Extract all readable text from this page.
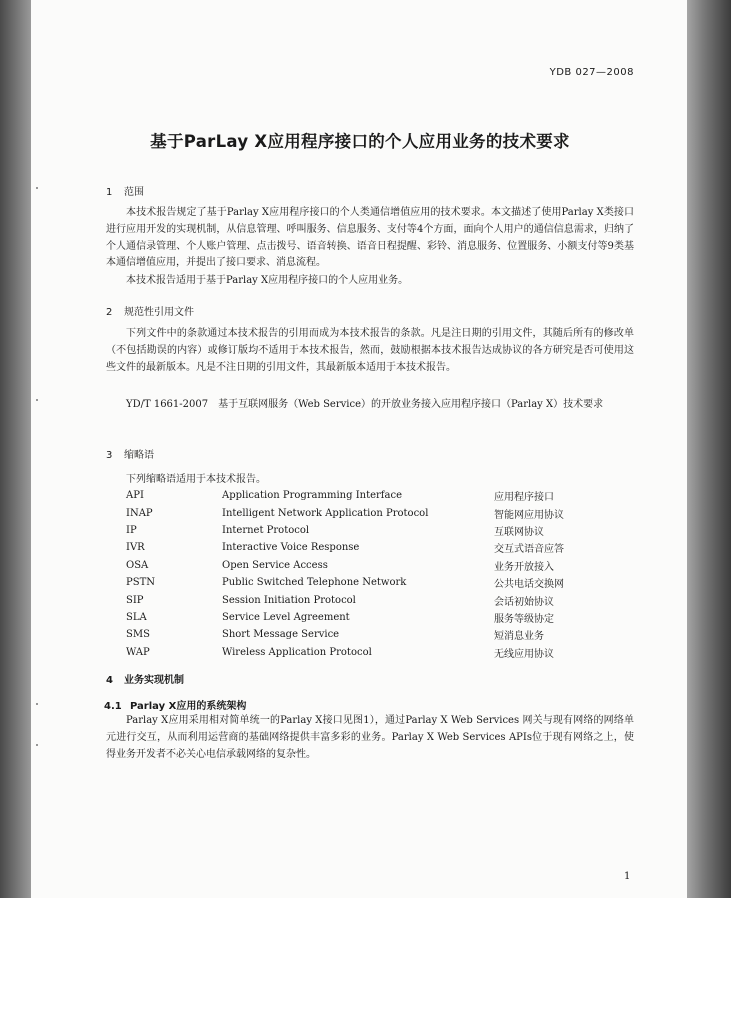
YDB 027—2008
基于ParLay X应用程序接口的个人应用业务的技术要求
1 范围

本技术报告规定了基于Parlay X应用程序接口的个人类通信增值应用的技术要求。本文描述了使用Parlay X类接口进行应用开发的实现机制，从信息管理、呼叫服务、信息服务、支付等4个方面，面向个人用户的通信信息需求，归纳了个人通信录管理、个人账户管理、点击拨号、语音转换、语音日程提醒、彩铃、消息服务、位置服务、小额支付等9类基本通信增值应用，并提出了接口要求、消息流程。

本技术报告适用于基于Parlay X应用程序接口的个人应用业务。

2 规范性引用文件

下列文件中的条款通过本技术报告的引用而成为本技术报告的条款。凡是注日期的引用文件，其随后所有的修改单（不包括勘误的内容）或修订版均不适用于本技术报告，然而，鼓励根据本技术报告达成协议的各方研究是否可使用这些文件的最新版本。凡是不注日期的引用文件，其最新版本适用于本技术报告。

YD/T 1661-2007　基于互联网服务（Web Service）的开放业务接入应用程序接口（Parlay X）技术要求

3 缩略语
下列缩略语适用于本技术报告。
API	Application Programming Interface	应用程序接口
INAP	Intelligent Network Application Protocol	智能网应用协议
IP	Internet Protocol	互联网协议
IVR	Interactive Voice Response	交互式语音应答
OSA	Open Service Access	业务开放接入
PSTN	Public Switched Telephone Network	公共电话交换网
SIP	Session Initiation Protocol	会话初始协议
SLA	Service Level Agreement	服务等级协定
SMS	Short Message Service	短消息业务
WAP	Wireless Application Protocol	无线应用协议
4 业务实现机制
4.1 Parlay X应用的系统架构

Parlay X应用采用相对简单统一的Parlay X接口见图1），通过Parlay X Web Services 网关与现有网络的网络单元进行交互，从而利用运营商的基础网络提供丰富多彩的业务。Parlay X Web Services APIs位于现有网络之上，使得业务开发者不必关心电信承载网络的复杂性。

1
